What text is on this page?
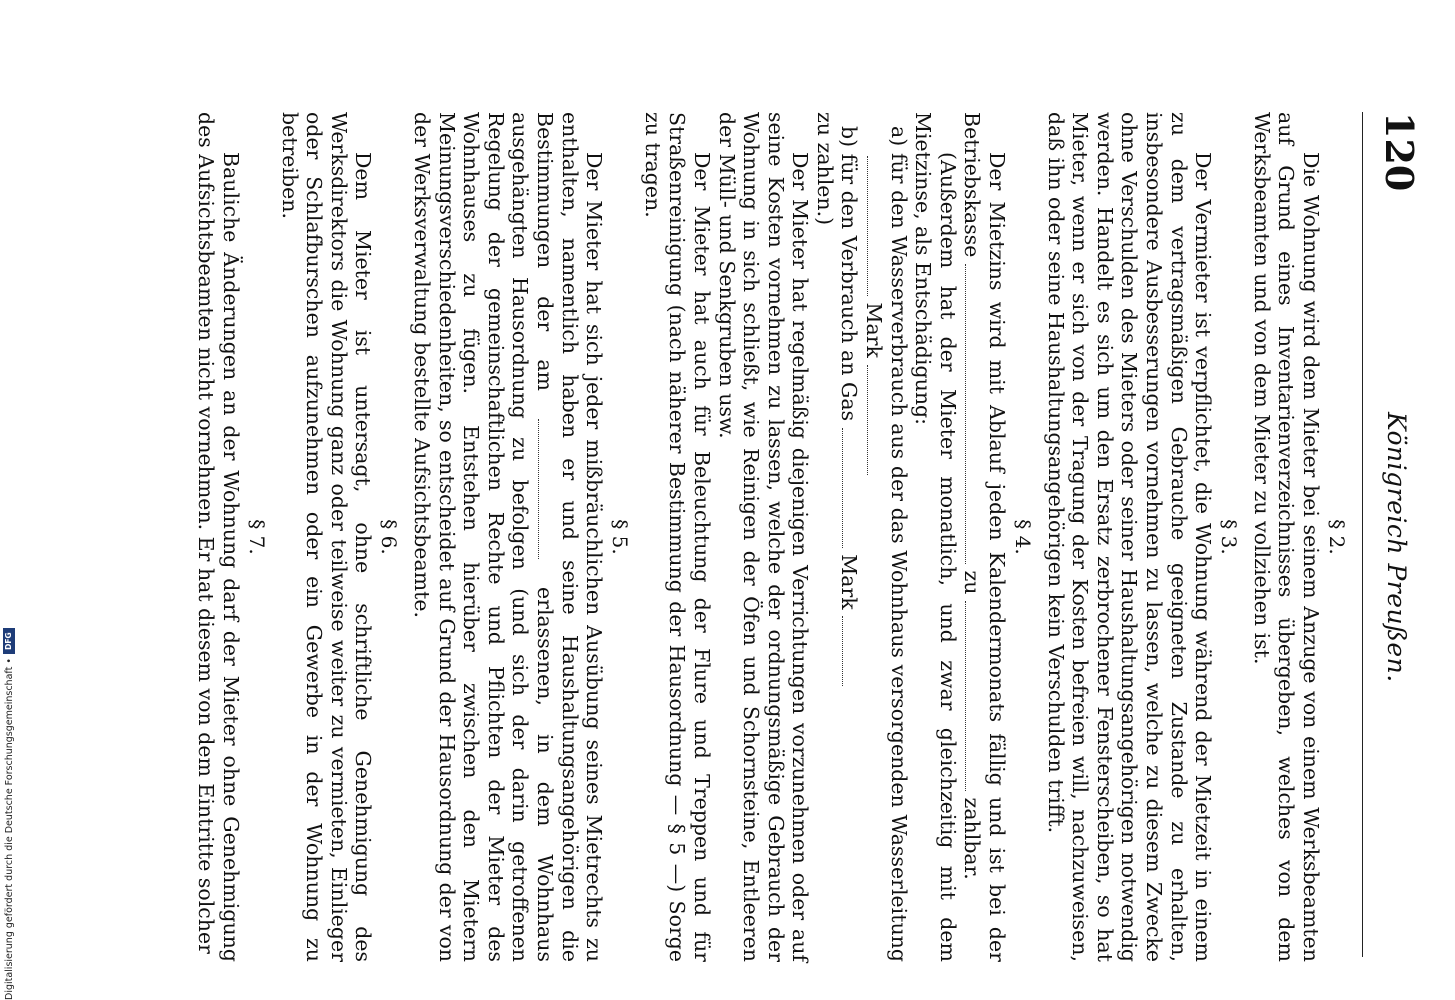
120
Königreich Preußen.
§ 2.

Die Wohnung wird dem Mieter bei seinem Anzuge von einem Werksbeamten auf Grund eines Inventarienverzeichnisses übergeben, welches von dem Werksbeamten und von dem Mieter zu vollziehen ist.

§ 3.

Der Vermieter ist verpflichtet, die Wohnung während der Mietzeit in einem zu dem vertragsmäßigen Gebrauche geeigneten Zustande zu erhalten, insbesondere Ausbesserungen vornehmen zu lassen, welche zu diesem Zwecke ohne Verschulden des Mieters oder seiner Haushaltungsangehörigen notwendig werden. Handelt es sich um den Ersatz zerbrochener Fensterscheiben, so hat Mieter, wenn er sich von der Tragung der Kosten befreien will, nachzuweisen, daß ihn oder seine Haushaltungsangehörigen kein Verschulden trifft.

§ 4.

Der Mietzins wird mit Ablauf jeden Kalendermonats fällig und ist bei der Betriebskasse  zu  zahlbar.

(Außerdem hat der Mieter monatlich, und zwar gleichzeitig mit dem Mietzinse, als Entschädigung:

a) für den Wasserverbrauch aus der das Wohnhaus versorgenden Wasserleitung  Mark

b) für den Verbrauch an Gas  Mark

zu zahlen.)

Der Mieter hat regelmäßig diejenigen Verrichtungen vorzunehmen oder auf seine Kosten vornehmen zu lassen, welche der ordnungsmäßige Gebrauch der Wohnung in sich schließt, wie Reinigen der Öfen und Schornsteine, Entleeren der Müll- und Senkgruben usw.

Der Mieter hat auch für Beleuchtung der Flure und Treppen und für Straßenreinigung (nach näherer Bestimmung der Hausordnung — § 5 —) Sorge zu tragen.

§ 5.

Der Mieter hat sich jeder mißbräuchlichen Ausübung seines Mietrechts zu enthalten, namentlich haben er und seine Haushaltungsangehörigen die Bestimmungen der am  erlassenen, in dem Wohnhaus ausgehängten Hausordnung zu befolgen (und sich der darin getroffenen Regelung der gemeinschaftlichen Rechte und Pflichten der Mieter des Wohnhauses zu fügen. Entstehen hierüber zwischen den Mietern Meinungsverschiedenheiten, so entscheidet auf Grund der Hausordnung der von der Werksverwaltung bestellte Aufsichtsbeamte.

§ 6.

Dem Mieter ist untersagt, ohne schriftliche Genehmigung des Werksdirektors die Wohnung ganz oder teilweise weiter zu vermieten, Einlieger oder Schlafburschen aufzunehmen oder ein Gewerbe in der Wohnung zu betreiben.

§ 7.

Bauliche Änderungen an der Wohnung darf der Mieter ohne Genehmigung des Aufsichtsbeamten nicht vornehmen. Er hat diesem von dem Eintritte solcher

Digitalisierung gefördert durch die Deutsche Forschungsgemeinschaft •
DFG
